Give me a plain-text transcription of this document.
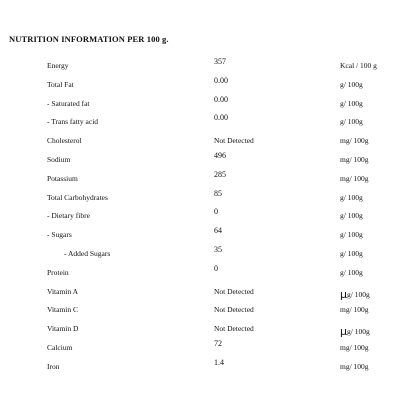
NUTRITION INFORMATION PER 100 g.
Energy	357	Kcal / 100 g
Total Fat	0.00	g/ 100g
- Saturated fat	0.00	g/ 100g
- Trans fatty acid	0.00	g/ 100g
Cholesterol	Not Detected	mg/ 100g
Sodium	496	mg/ 100g
Potassium	285	mg/ 100g
Total Carbohydrates	85	g/ 100g
- Dietary fibre	0	g/ 100g
- Sugars	64	g/ 100g
- Added Sugars	35	g/ 100g
Protein	0	g/ 100g
Vitamin A	Not Detected	μg/ 100g
Vitamin C	Not Detected	mg/ 100g
Vitamin D	Not Detected	μg/ 100g
Calcium	72	mg/ 100g
Iron	1.4	mg/ 100g
